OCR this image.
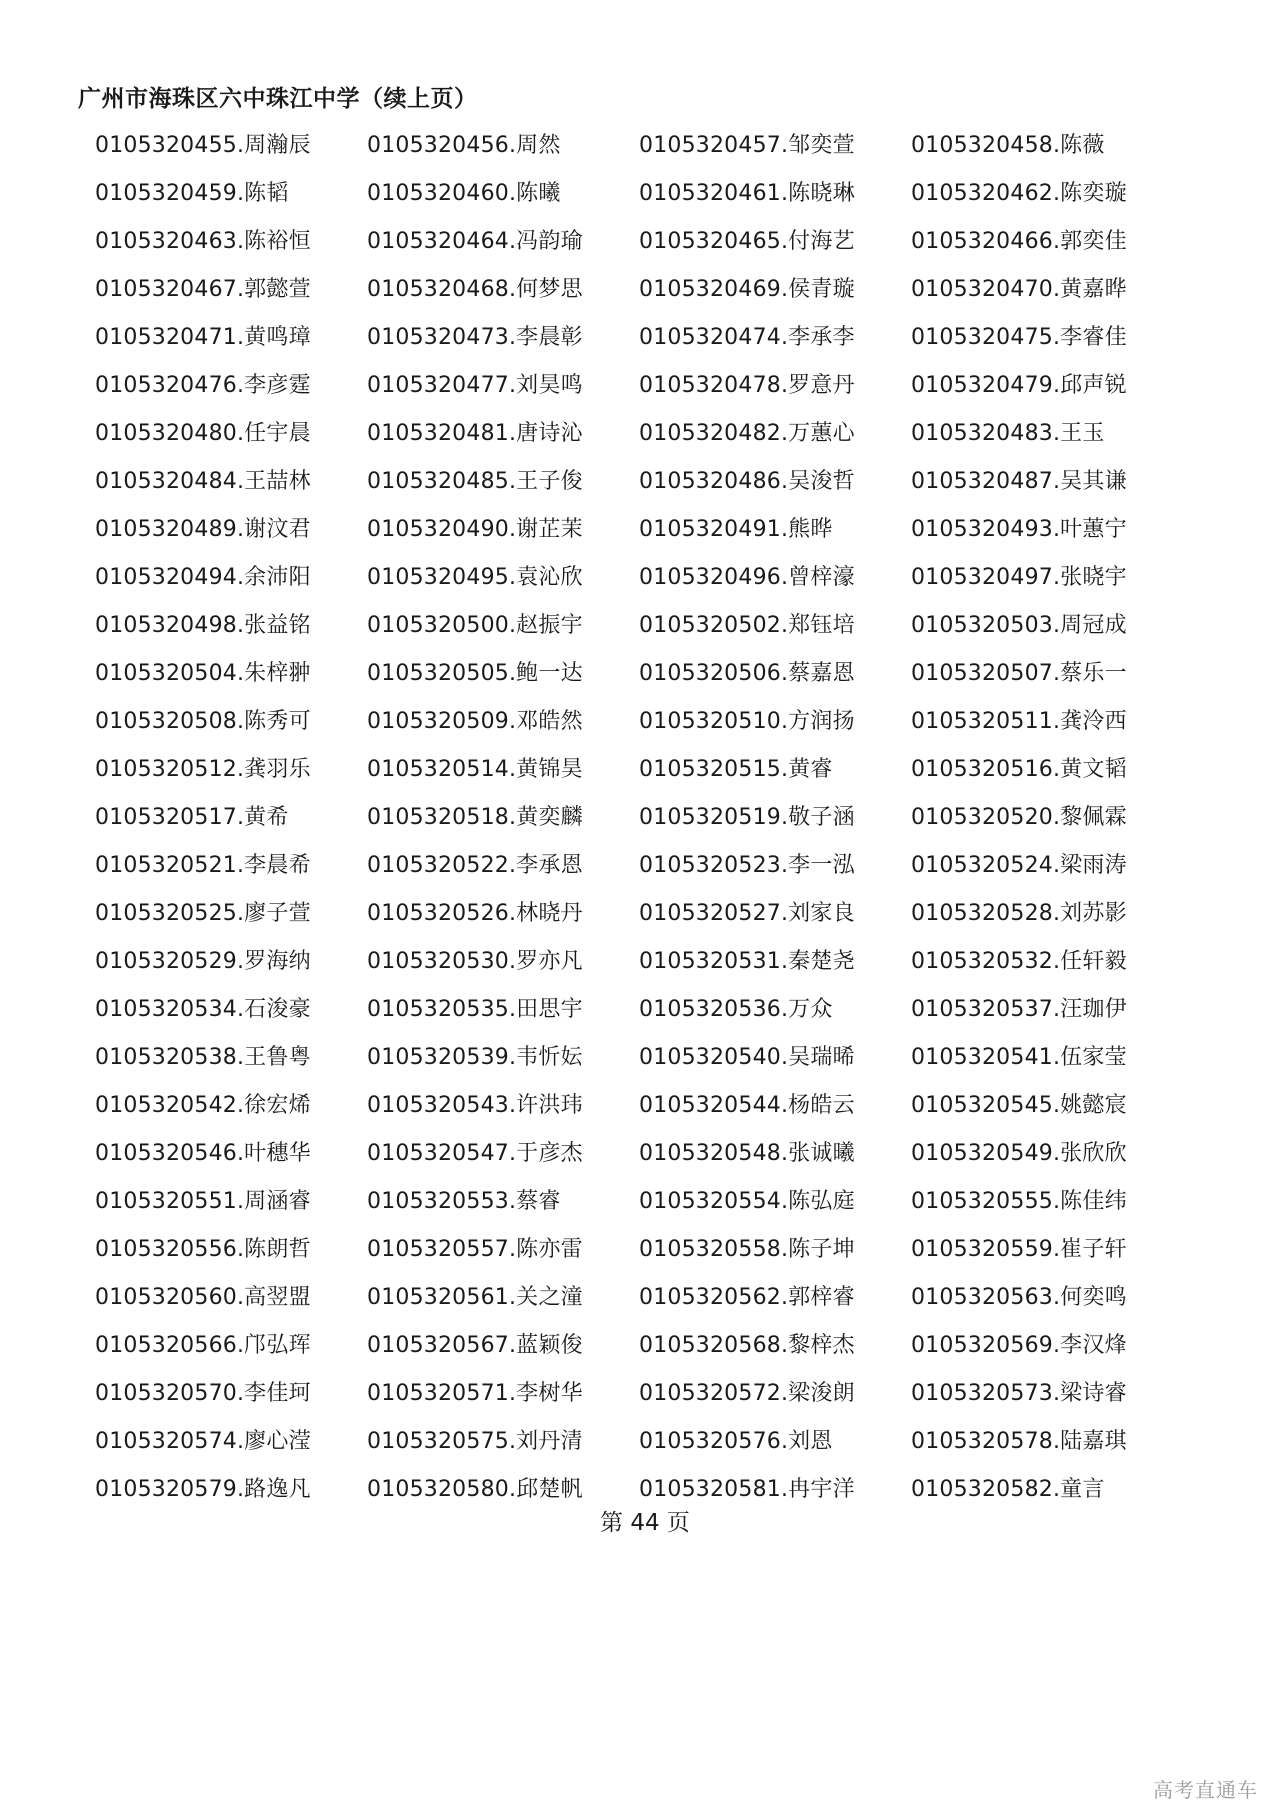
广州市海珠区六中珠江中学（续上页）
0105320455.周瀚辰	0105320456.周然	0105320457.邹奕萱	0105320458.陈薇
0105320459.陈韬	0105320460.陈曦	0105320461.陈晓琳	0105320462.陈奕璇
0105320463.陈裕恒	0105320464.冯韵瑜	0105320465.付海艺	0105320466.郭奕佳
0105320467.郭懿萱	0105320468.何梦思	0105320469.侯青璇	0105320470.黄嘉晔
0105320471.黄鸣璋	0105320473.李晨彰	0105320474.李承李	0105320475.李睿佳
0105320476.李彦霆	0105320477.刘昊鸣	0105320478.罗意丹	0105320479.邱声锐
0105320480.任宇晨	0105320481.唐诗沁	0105320482.万蕙心	0105320483.王玉
0105320484.王喆林	0105320485.王子俊	0105320486.吴浚哲	0105320487.吴其谦
0105320489.谢汶君	0105320490.谢芷茉	0105320491.熊晔	0105320493.叶蕙宁
0105320494.余沛阳	0105320495.袁沁欣	0105320496.曾梓濠	0105320497.张晓宇
0105320498.张益铭	0105320500.赵振宇	0105320502.郑钰培	0105320503.周冠成
0105320504.朱梓翀	0105320505.鲍一达	0105320506.蔡嘉恩	0105320507.蔡乐一
0105320508.陈秀可	0105320509.邓皓然	0105320510.方润扬	0105320511.龚泠西
0105320512.龚羽乐	0105320514.黄锦昊	0105320515.黄睿	0105320516.黄文韬
0105320517.黄希	0105320518.黄奕麟	0105320519.敬子涵	0105320520.黎佩霖
0105320521.李晨希	0105320522.李承恩	0105320523.李一泓	0105320524.梁雨涛
0105320525.廖子萱	0105320526.林晓丹	0105320527.刘家良	0105320528.刘苏影
0105320529.罗海纳	0105320530.罗亦凡	0105320531.秦楚尧	0105320532.任轩毅
0105320534.石浚豪	0105320535.田思宇	0105320536.万众	0105320537.汪珈伊
0105320538.王鲁粤	0105320539.韦忻妘	0105320540.吴瑞晞	0105320541.伍家莹
0105320542.徐宏烯	0105320543.许洪玮	0105320544.杨皓云	0105320545.姚懿宸
0105320546.叶穗华	0105320547.于彦杰	0105320548.张诚曦	0105320549.张欣欣
0105320551.周涵睿	0105320553.蔡睿	0105320554.陈弘庭	0105320555.陈佳纬
0105320556.陈朗哲	0105320557.陈亦雷	0105320558.陈子坤	0105320559.崔子轩
0105320560.高翌盟	0105320561.关之潼	0105320562.郭梓睿	0105320563.何奕鸣
0105320566.邝弘珲	0105320567.蓝颖俊	0105320568.黎梓杰	0105320569.李汉烽
0105320570.李佳珂	0105320571.李树华	0105320572.梁浚朗	0105320573.梁诗睿
0105320574.廖心滢	0105320575.刘丹清	0105320576.刘恩	0105320578.陆嘉琪
0105320579.路逸凡	0105320580.邱楚帆	0105320581.冉宇洋	0105320582.童言
第 44 页
高考直通车
